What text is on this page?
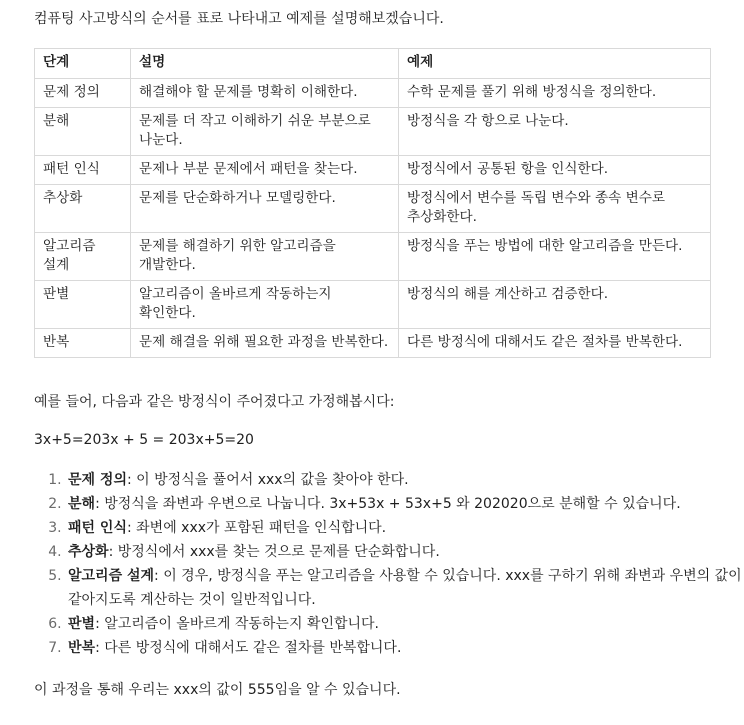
컴퓨팅 사고방식의 순서를 표로 나타내고 예제를 설명해보겠습니다.
단계	설명	예제
문제 정의	해결해야 할 문제를 명확히 이해한다.	수학 문제를 풀기 위해 방정식을 정의한다.
분해	문제를 더 작고 이해하기 쉬운 부분으로 나눈다.	방정식을 각 항으로 나눈다.
패턴 인식	문제나 부분 문제에서 패턴을 찾는다.	방정식에서 공통된 항을 인식한다.
추상화	문제를 단순화하거나 모델링한다.	방정식에서 변수를 독립 변수와 종속 변수로 추상화한다.
알고리즘 설계	문제를 해결하기 위한 알고리즘을 개발한다.	방정식을 푸는 방법에 대한 알고리즘을 만든다.
판별	알고리즘이 올바르게 작동하는지 확인한다.	방정식의 해를 계산하고 검증한다.
반복	문제 해결을 위해 필요한 과정을 반복한다.	다른 방정식에 대해서도 같은 절차를 반복한다.
예를 들어, 다음과 같은 방정식이 주어졌다고 가정해봅시다:
3x+5=203x + 5 = 203x+5=20
1. 문제 정의: 이 방정식을 풀어서 xxx의 값을 찾아야 한다.
2. 분해: 방정식을 좌변과 우변으로 나눕니다. 3x+53x + 53x+5 와 202020으로 분해할 수 있습니다.
3. 패턴 인식: 좌변에 xxx가 포함된 패턴을 인식합니다.
4. 추상화: 방정식에서 xxx를 찾는 것으로 문제를 단순화합니다.
5. 알고리즘 설계: 이 경우, 방정식을 푸는 알고리즘을 사용할 수 있습니다. xxx를 구하기 위해 좌변과 우변의 값이 같아지도록 계산하는 것이 일반적입니다.
6. 판별: 알고리즘이 올바르게 작동하는지 확인합니다.
7. 반복: 다른 방정식에 대해서도 같은 절차를 반복합니다.
이 과정을 통해 우리는 xxx의 값이 555임을 알 수 있습니다.
